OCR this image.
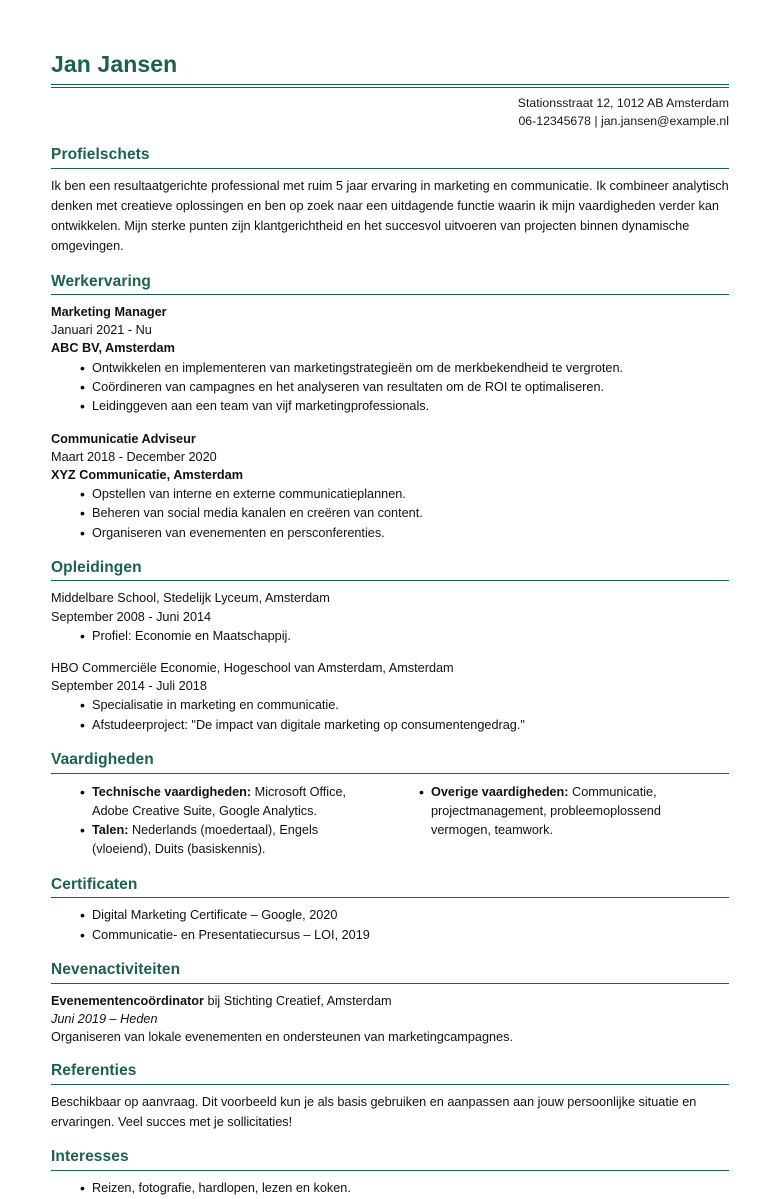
Jan Jansen
Stationsstraat 12, 1012 AB Amsterdam
06-12345678 | jan.jansen@example.nl
Profielschets

Ik ben een resultaatgerichte professional met ruim 5 jaar ervaring in marketing en communicatie. Ik combineer analytisch denken met creatieve oplossingen en ben op zoek naar een uitdagende functie waarin ik mijn vaardigheden verder kan ontwikkelen. Mijn sterke punten zijn klantgerichtheid en het succesvol uitvoeren van projecten binnen dynamische omgevingen.

Werkervaring
Marketing Manager
Januari 2021 - Nu
ABC BV, Amsterdam
• Ontwikkelen en implementeren van marketingstrategieën om de merkbekendheid te vergroten.
• Coördineren van campagnes en het analyseren van resultaten om de ROI te optimaliseren.
• Leidinggeven aan een team van vijf marketingprofessionals.
Communicatie Adviseur
Maart 2018 - December 2020
XYZ Communicatie, Amsterdam
• Opstellen van interne en externe communicatieplannen.
• Beheren van social media kanalen en creëren van content.
• Organiseren van evenementen en persconferenties.
Opleidingen
Middelbare School, Stedelijk Lyceum, Amsterdam
September 2008 - Juni 2014
• Profiel: Economie en Maatschappij.
HBO Commerciële Economie, Hogeschool van Amsterdam, Amsterdam
September 2014 - Juli 2018
• Specialisatie in marketing en communicatie.
• Afstudeerproject: "De impact van digitale marketing op consumentengedrag."
Vaardigheden
• Technische vaardigheden: Microsoft Office, Adobe Creative Suite, Google Analytics.
• Talen: Nederlands (moedertaal), Engels (vloeiend), Duits (basiskennis).
• Overige vaardigheden: Communicatie, projectmanagement, probleemoplossend vermogen, teamwork.
Certificaten
• Digital Marketing Certificate – Google, 2020
• Communicatie- en Presentatiecursus – LOI, 2019
Nevenactiviteiten
Evenementencoördinator bij Stichting Creatief, Amsterdam
Juni 2019 – Heden
Organiseren van lokale evenementen en ondersteunen van marketingcampagnes.
Referenties

Beschikbaar op aanvraag. Dit voorbeeld kun je als basis gebruiken en aanpassen aan jouw persoonlijke situatie en ervaringen. Veel succes met je sollicitaties!

Interesses
• Reizen, fotografie, hardlopen, lezen en koken.
